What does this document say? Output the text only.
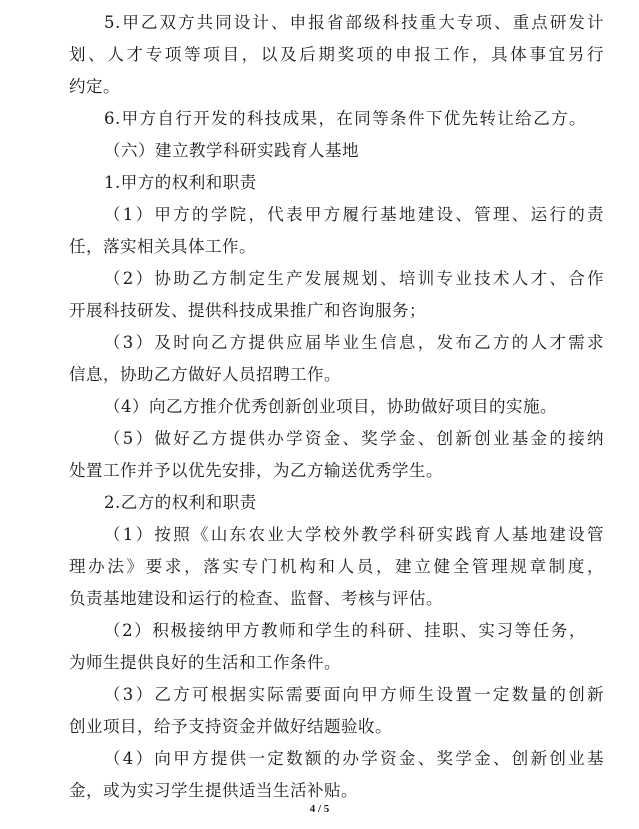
5.甲乙双方共同设计、申报省部级科技重大专项、重点研发计
划、人才专项等项目，以及后期奖项的申报工作，具体事宜另行
约定。
6.甲方自行开发的科技成果，在同等条件下优先转让给乙方。
（六）建立教学科研实践育人基地
1.甲方的权利和职责
（1）甲方的学院，代表甲方履行基地建设、管理、运行的责
任，落实相关具体工作。
（2）协助乙方制定生产发展规划、培训专业技术人才、合作
开展科技研发、提供科技成果推广和咨询服务；
（3）及时向乙方提供应届毕业生信息，发布乙方的人才需求
信息，协助乙方做好人员招聘工作。
（4）向乙方推介优秀创新创业项目，协助做好项目的实施。
（5）做好乙方提供办学资金、奖学金、创新创业基金的接纳
处置工作并予以优先安排，为乙方输送优秀学生。
2.乙方的权利和职责
（1）按照《山东农业大学校外教学科研实践育人基地建设管
理办法》要求，落实专门机构和人员，建立健全管理规章制度，
负责基地建设和运行的检查、监督、考核与评估。
（2）积极接纳甲方教师和学生的科研、挂职、实习等任务，
为师生提供良好的生活和工作条件。
4 / 5
（3）乙方可根据实际需要面向甲方师生设置一定数量的创新
创业项目，给予支持资金并做好结题验收。
（4）向甲方提供一定数额的办学资金、奖学金、创新创业基
金，或为实习学生提供适当生活补贴。
